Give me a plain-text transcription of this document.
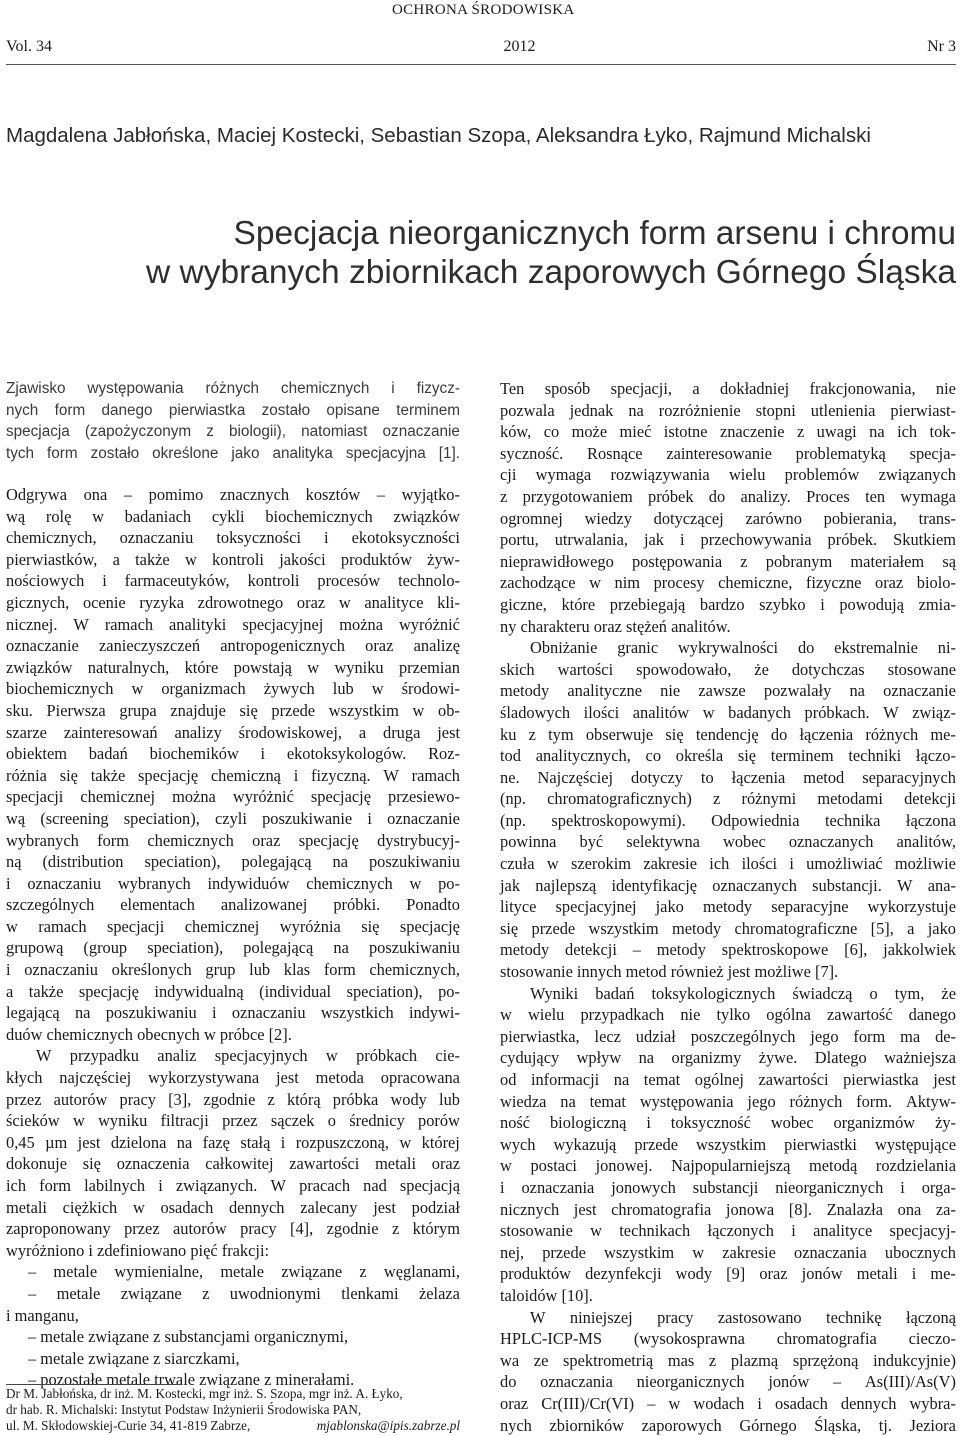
OCHRONA ŚRODOWISKA
Vol. 34	2012	Nr 3
Magdalena Jabłońska, Maciej Kostecki, Sebastian Szopa, Aleksandra Łyko, Rajmund Michalski
Specjacja nieorganicznych form arsenu i chromu
w wybranych zbiornikach zaporowych Górnego Śląska
Zjawisko występowania różnych chemicznych i fizycz-
nych form danego pierwiastka zostało opisane terminem
specjacja (zapożyczonym z biologii), natomiast oznaczanie
tych form zostało określone jako analityka specjacyjna [1].
Odgrywa ona – pomimo znacznych kosztów – wyjątko-
wą rolę w badaniach cykli biochemicznych związków
chemicznych, oznaczaniu toksyczności i ekotoksyczności
pierwiastków, a także w kontroli jakości produktów żyw-
nościowych i farmaceutyków, kontroli procesów technolo-
gicznych, ocenie ryzyka zdrowotnego oraz w analityce kli-
nicznej. W ramach analityki specjacyjnej można wyróżnić
oznaczanie zanieczyszczeń antropogenicznych oraz analizę
związków naturalnych, które powstają w wyniku przemian
biochemicznych w organizmach żywych lub w środowi-
sku. Pierwsza grupa znajduje się przede wszystkim w ob-
szarze zainteresowań analizy środowiskowej, a druga jest
obiektem badań biochemików i ekotoksykologów. Roz-
różnia się także specjację chemiczną i fizyczną. W ramach
specjacji chemicznej można wyróżnić specjację przesiewo-
wą (screening speciation), czyli poszukiwanie i oznaczanie
wybranych form chemicznych oraz specjację dystrybucyj-
ną (distribution speciation), polegającą na poszukiwaniu
i oznaczaniu wybranych indywiduów chemicznych w po-
szczególnych elementach analizowanej próbki. Ponadto
w ramach specjacji chemicznej wyróżnia się specjację
grupową (group speciation), polegającą na poszukiwaniu
i oznaczaniu określonych grup lub klas form chemicznych,
a także specjację indywidualną (individual speciation), po-
legającą na poszukiwaniu i oznaczaniu wszystkich indywi-
duów chemicznych obecnych w próbce [2].
W przypadku analiz specjacyjnych w próbkach cie-
kłych najczęściej wykorzystywana jest metoda opracowana
przez autorów pracy [3], zgodnie z którą próbka wody lub
ścieków w wyniku filtracji przez sączek o średnicy porów
0,45 µm jest dzielona na fazę stałą i rozpuszczoną, w której
dokonuje się oznaczenia całkowitej zawartości metali oraz
ich form labilnych i związanych. W pracach nad specjacją
metali ciężkich w osadach dennych zalecany jest podział
zaproponowany przez autorów pracy [4], zgodnie z którym
wyróżniono i zdefiniowano pięć frakcji:
– metale wymienialne, metale związane z węglanami,
– metale związane z uwodnionymi tlenkami żelaza
i manganu,
– metale związane z substancjami organicznymi,
– metale związane z siarczkami,
– pozostałe metale trwale związane z minerałami.
Ten sposób specjacji, a dokładniej frakcjonowania, nie
pozwala jednak na rozróżnienie stopni utlenienia pierwiast-
ków, co może mieć istotne znaczenie z uwagi na ich tok-
syczność. Rosnące zainteresowanie problematyką specja-
cji wymaga rozwiązywania wielu problemów związanych
z przygotowaniem próbek do analizy. Proces ten wymaga
ogromnej wiedzy dotyczącej zarówno pobierania, trans-
portu, utrwalania, jak i przechowywania próbek. Skutkiem
nieprawidłowego postępowania z pobranym materiałem są
zachodzące w nim procesy chemiczne, fizyczne oraz biolo-
giczne, które przebiegają bardzo szybko i powodują zmia-
ny charakteru oraz stężeń analitów.
Obniżanie granic wykrywalności do ekstremalnie ni-
skich wartości spowodowało, że dotychczas stosowane
metody analityczne nie zawsze pozwalały na oznaczanie
śladowych ilości analitów w badanych próbkach. W związ-
ku z tym obserwuje się tendencję do łączenia różnych me-
tod analitycznych, co określa się terminem techniki łączo-
ne. Najczęściej dotyczy to łączenia metod separacyjnych
(np. chromatograficznych) z różnymi metodami detekcji
(np. spektroskopowymi). Odpowiednia technika łączona
powinna być selektywna wobec oznaczanych analitów,
czuła w szerokim zakresie ich ilości i umożliwiać możliwie
jak najlepszą identyfikację oznaczanych substancji. W ana-
lityce specjacyjnej jako metody separacyjne wykorzystuje
się przede wszystkim metody chromatograficzne [5], a jako
metody detekcji – metody spektroskopowe [6], jakkolwiek
stosowanie innych metod również jest możliwe [7].
Wyniki badań toksykologicznych świadczą o tym, że
w wielu przypadkach nie tylko ogólna zawartość danego
pierwiastka, lecz udział poszczególnych jego form ma de-
cydujący wpływ na organizmy żywe. Dlatego ważniejsza
od informacji na temat ogólnej zawartości pierwiastka jest
wiedza na temat występowania jego różnych form. Aktyw-
ność biologiczną i toksyczność wobec organizmów ży-
wych wykazują przede wszystkim pierwiastki występujące
w postaci jonowej. Najpopularniejszą metodą rozdzielania
i oznaczania jonowych substancji nieorganicznych i orga-
nicznych jest chromatografia jonowa [8]. Znalazła ona za-
stosowanie w technikach łączonych i analityce specjacyj-
nej, przede wszystkim w zakresie oznaczania ubocznych
produktów dezynfekcji wody [9] oraz jonów metali i me-
taloidów [10].
W niniejszej pracy zastosowano technikę łączoną
HPLC-ICP-MS (wysokosprawna chromatografia cieczo-
wa ze spektrometrią mas z plazmą sprzężoną indukcyjnie)
do oznaczania nieorganicznych jonów – As(III)/As(V)
oraz Cr(III)/Cr(VI) – w wodach i osadach dennych wybra-
nych zbiorników zaporowych Górnego Śląska, tj. Jeziora
Dr M. Jabłońska, dr inż. M. Kostecki, mgr inż. S. Szopa, mgr inż. A. Łyko,
dr hab. R. Michalski: Instytut Podstaw Inżynierii Środowiska PAN,
ul. M. Skłodowskiej-Curie 34, 41-819 Zabrze,	mjablonska@ipis.zabrze.pl
